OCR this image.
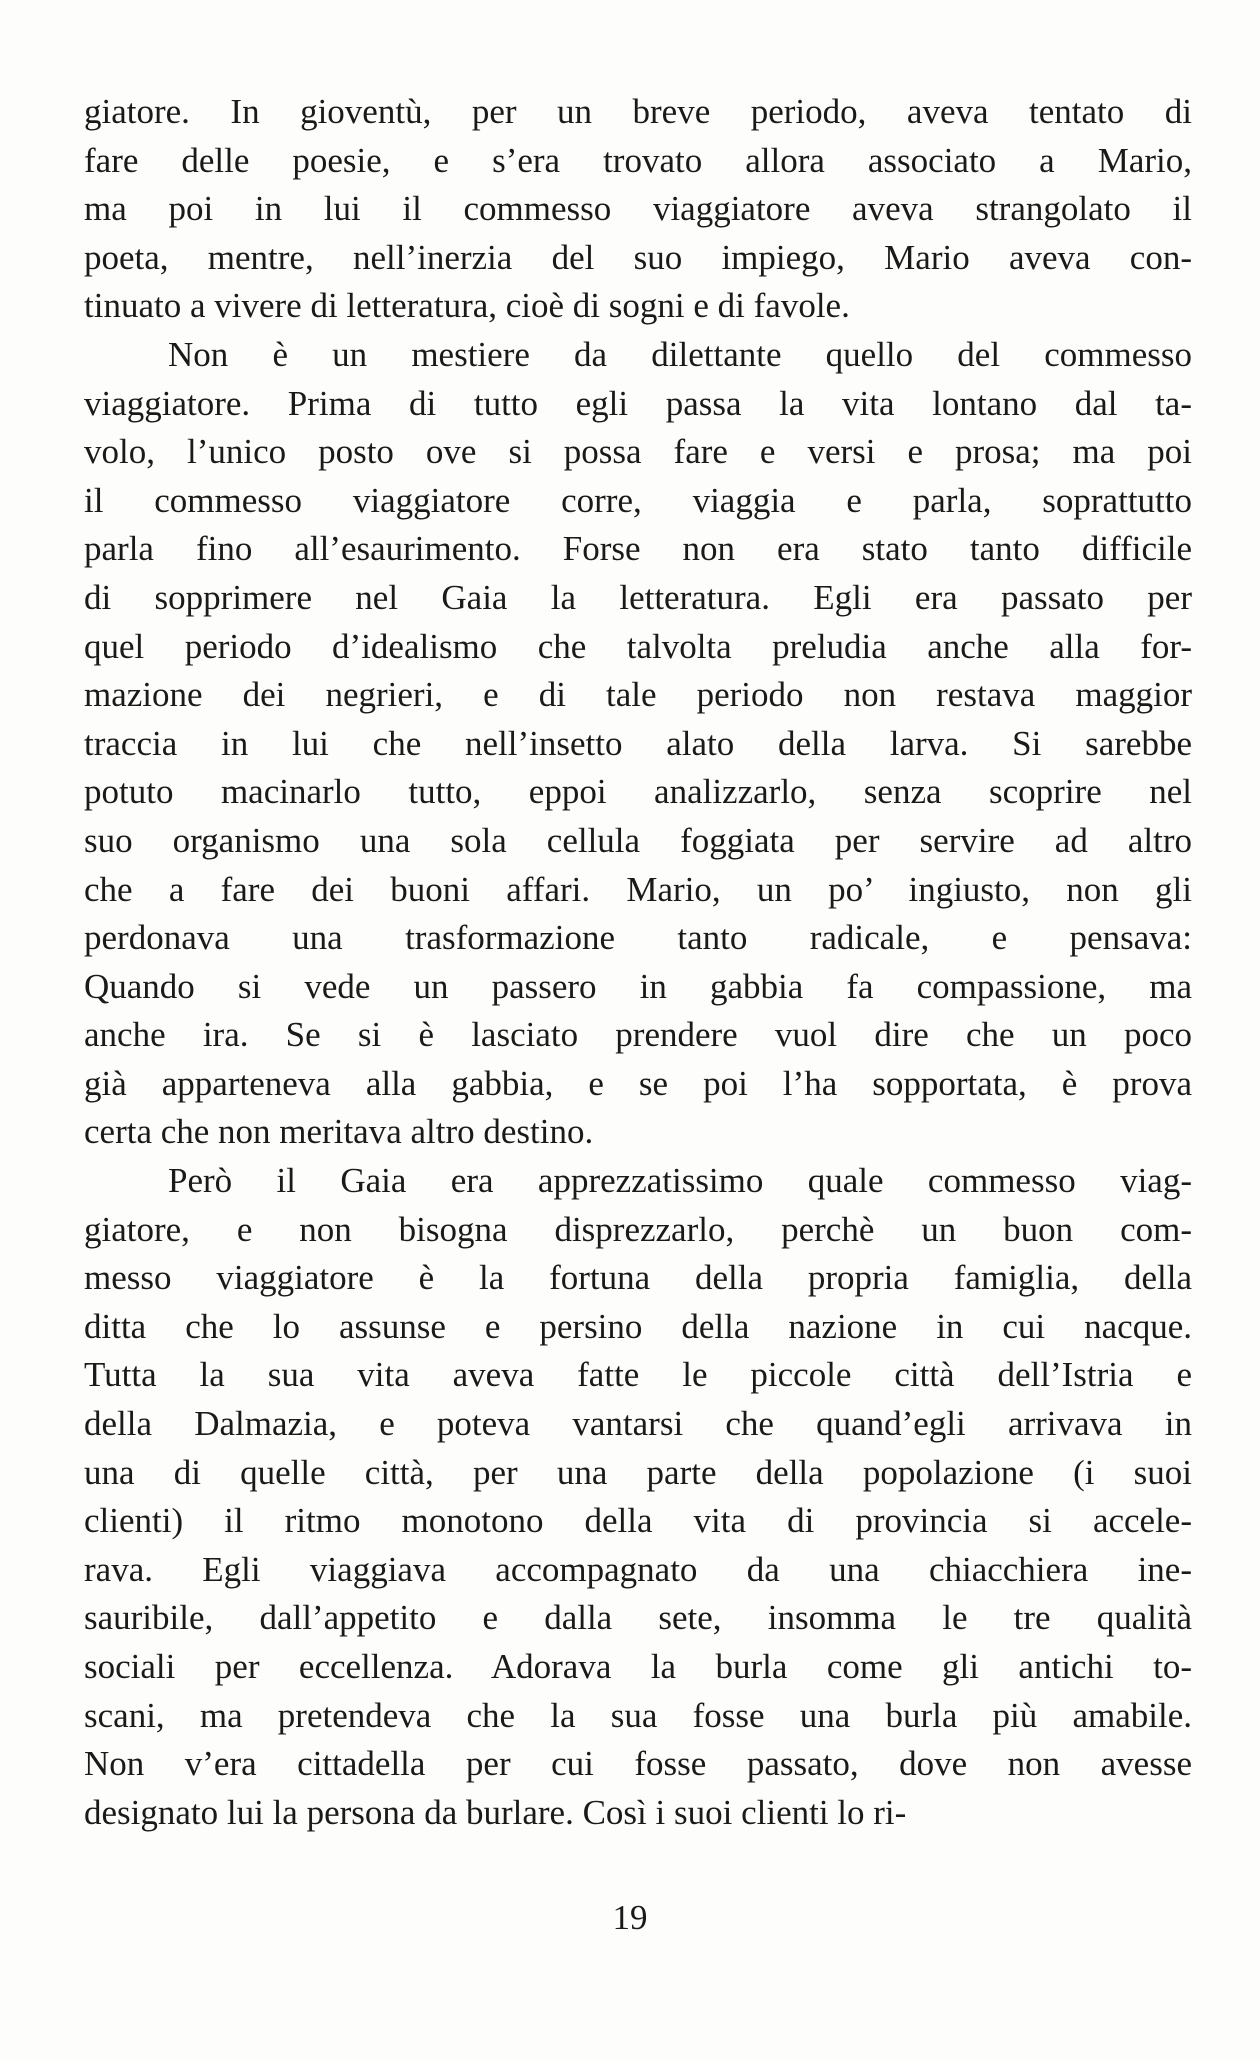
giatore. In gioventù, per un breve periodo, aveva tentato di
fare delle poesie, e s’era trovato allora associato a Mario,
ma poi in lui il commesso viaggiatore aveva strangolato il
poeta, mentre, nell’inerzia del suo impiego, Mario aveva con-
tinuato a vivere di letteratura, cioè di sogni e di favole.
Non è un mestiere da dilettante quello del commesso
viaggiatore. Prima di tutto egli passa la vita lontano dal ta-
volo, l’unico posto ove si possa fare e versi e prosa; ma poi
il commesso viaggiatore corre, viaggia e parla, soprattutto
parla fino all’esaurimento. Forse non era stato tanto difficile
di sopprimere nel Gaia la letteratura. Egli era passato per
quel periodo d’idealismo che talvolta preludia anche alla for-
mazione dei negrieri, e di tale periodo non restava maggior
traccia in lui che nell’insetto alato della larva. Si sarebbe
potuto macinarlo tutto, eppoi analizzarlo, senza scoprire nel
suo organismo una sola cellula foggiata per servire ad altro
che a fare dei buoni affari. Mario, un po’ ingiusto, non gli
perdonava una trasformazione tanto radicale, e pensava:
Quando si vede un passero in gabbia fa compassione, ma
anche ira. Se si è lasciato prendere vuol dire che un poco
già apparteneva alla gabbia, e se poi l’ha sopportata, è prova
certa che non meritava altro destino.
Però il Gaia era apprezzatissimo quale commesso viag-
giatore, e non bisogna disprezzarlo, perchè un buon com-
messo viaggiatore è la fortuna della propria famiglia, della
ditta che lo assunse e persino della nazione in cui nacque.
Tutta la sua vita aveva fatte le piccole città dell’Istria e
della Dalmazia, e poteva vantarsi che quand’egli arrivava in
una di quelle città, per una parte della popolazione (i suoi
clienti) il ritmo monotono della vita di provincia si accele-
rava. Egli viaggiava accompagnato da una chiacchiera ine-
sauribile, dall’appetito e dalla sete, insomma le tre qualità
sociali per eccellenza. Adorava la burla come gli antichi to-
scani, ma pretendeva che la sua fosse una burla più amabile.
Non v’era cittadella per cui fosse passato, dove non avesse
designato lui la persona da burlare. Così i suoi clienti lo ri-
19
